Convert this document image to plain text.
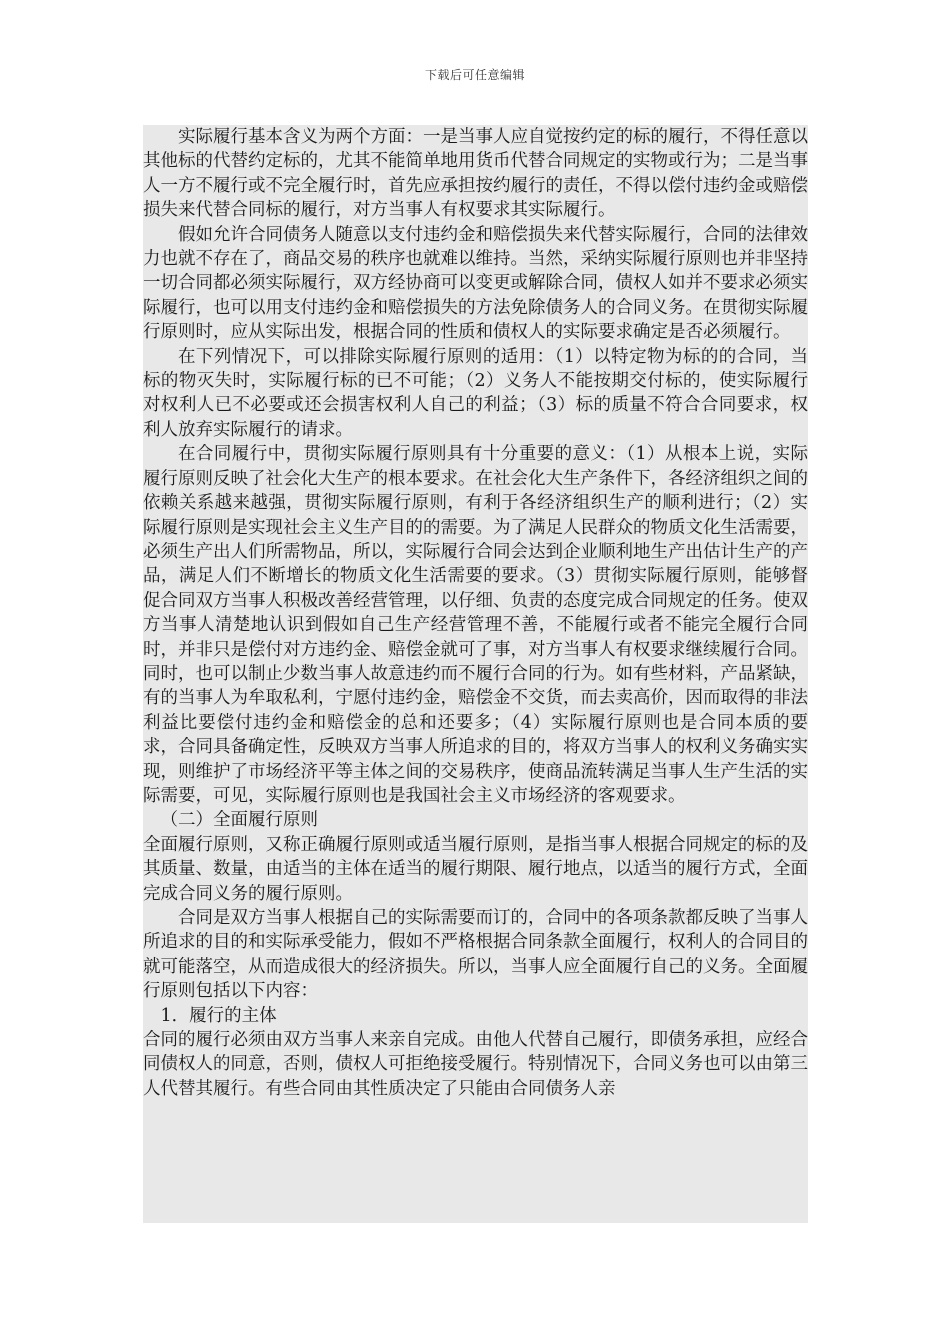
下载后可任意编辑

实际履行基本含义为两个方面：一是当事人应自觉按约定的标的履行，不得任意以其他标的代替约定标的，尤其不能简单地用货币代替合同规定的实物或行为；二是当事人一方不履行或不完全履行时，首先应承担按约履行的责任，不得以偿付违约金或赔偿损失来代替合同标的履行，对方当事人有权要求其实际履行。

假如允许合同债务人随意以支付违约金和赔偿损失来代替实际履行，合同的法律效力也就不存在了，商品交易的秩序也就难以维持。当然，采纳实际履行原则也并非坚持一切合同都必须实际履行，双方经协商可以变更或解除合同，债权人如并不要求必须实际履行，也可以用支付违约金和赔偿损失的方法免除债务人的合同义务。在贯彻实际履行原则时，应从实际出发，根据合同的性质和债权人的实际要求确定是否必须履行。

在下列情况下，可以排除实际履行原则的适用：（1）以特定物为标的的合同，当标的物灭失时，实际履行标的已不可能；（2）义务人不能按期交付标的，使实际履行对权利人已不必要或还会损害权利人自己的利益；（3）标的质量不符合合同要求，权利人放弃实际履行的请求。

在合同履行中，贯彻实际履行原则具有十分重要的意义：（1）从根本上说，实际履行原则反映了社会化大生产的根本要求。在社会化大生产条件下，各经济组织之间的依赖关系越来越强，贯彻实际履行原则，有利于各经济组织生产的顺利进行；（2）实际履行原则是实现社会主义生产目的的需要。为了满足人民群众的物质文化生活需要，必须生产出人们所需物品，所以，实际履行合同会达到企业顺利地生产出估计生产的产品，满足人们不断增长的物质文化生活需要的要求。（3）贯彻实际履行原则，能够督促合同双方当事人积极改善经营管理，以仔细、负责的态度完成合同规定的任务。使双方当事人清楚地认识到假如自己生产经营管理不善，不能履行或者不能完全履行合同时，并非只是偿付对方违约金、赔偿金就可了事，对方当事人有权要求继续履行合同。同时，也可以制止少数当事人故意违约而不履行合同的行为。如有些材料，产品紧缺，有的当事人为牟取私利，宁愿付违约金，赔偿金不交货，而去卖高价，因而取得的非法利益比要偿付违约金和赔偿金的总和还要多；（4）实际履行原则也是合同本质的要求，合同具备确定性，反映双方当事人所追求的目的，将双方当事人的权利义务确实实现，则维护了市场经济平等主体之间的交易秩序，使商品流转满足当事人生产生活的实际需要，可见，实际履行原则也是我国社会主义市场经济的客观要求。

（二）全面履行原则

全面履行原则，又称正确履行原则或适当履行原则，是指当事人根据合同规定的标的及其质量、数量，由适当的主体在适当的履行期限、履行地点，以适当的履行方式，全面完成合同义务的履行原则。

合同是双方当事人根据自己的实际需要而订的，合同中的各项条款都反映了当事人所追求的目的和实际承受能力，假如不严格根据合同条款全面履行，权利人的合同目的就可能落空，从而造成很大的经济损失。所以，当事人应全面履行自己的义务。全面履行原则包括以下内容：

1．履行的主体

合同的履行必须由双方当事人来亲自完成。由他人代替自己履行，即债务承担，应经合同债权人的同意，否则，债权人可拒绝接受履行。特别情况下，合同义务也可以由第三人代替其履行。有些合同由其性质决定了只能由合同债务人亲
